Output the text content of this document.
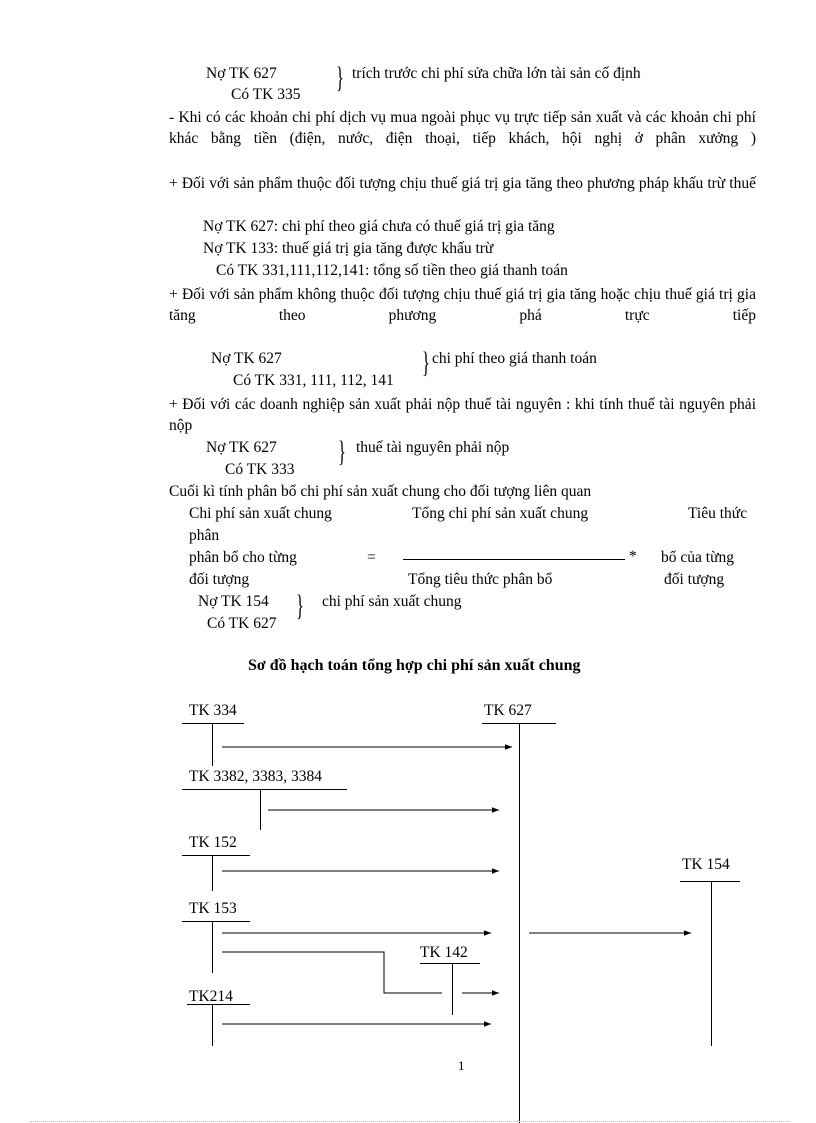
Nợ TK 627
Có TK 335
} trích trước chi phí sửa chữa lớn tài sản cố định
- Khi có các khoản chi phí dịch vụ mua ngoài phục vụ trực tiếp sản xuất và các khoản chi phí khác bằng tiền (điện, nước, điện thoại, tiếp khách, hội nghị ở phân xưởng )
+ Đối với sản phẩm thuộc đối tượng chịu thuế giá trị gia tăng theo phương pháp khấu trừ thuế
Nợ TK 627: chi phí theo giá chưa có thuế giá trị gia tăng
Nợ TK 133: thuế giá trị gia tăng được khấu trừ
Có TK 331,111,112,141: tổng số tiền theo giá thanh toán
+ Đối với sản phẩm không thuộc đối tượng chịu thuế giá trị gia tăng hoặc chịu thuế giá trị gia tăng theo phương phá trực tiếp
Nợ TK 627
Có TK 331, 111, 112, 141
} chi phí theo giá thanh toán
+ Đối với các doanh nghiệp sản xuất phải nộp thuế tài nguyên : khi tính thuế tài nguyên phải nộp
Nợ TK 627
Có TK 333
} thuế tài nguyên phải nộp
Cuối kì tính phân bổ chi phí sản xuất chung cho đối tượng liên quan
Chi phí sản xuất chung	Tổng chi phí sản xuất chung	Tiêu thức
phân
phân bổ cho từng	=	* bổ của từng
đối tượng	Tổng tiêu thức phân bổ	đối tượng
Nợ TK 154
Có TK 627
} chi phí sản xuất chung
Sơ đồ hạch toán tổng hợp chi phí sản xuất chung
TK 334	TK 627
TK 3382, 3383, 3384
TK 152
TK 154
TK 153
TK 142
TK214
1
